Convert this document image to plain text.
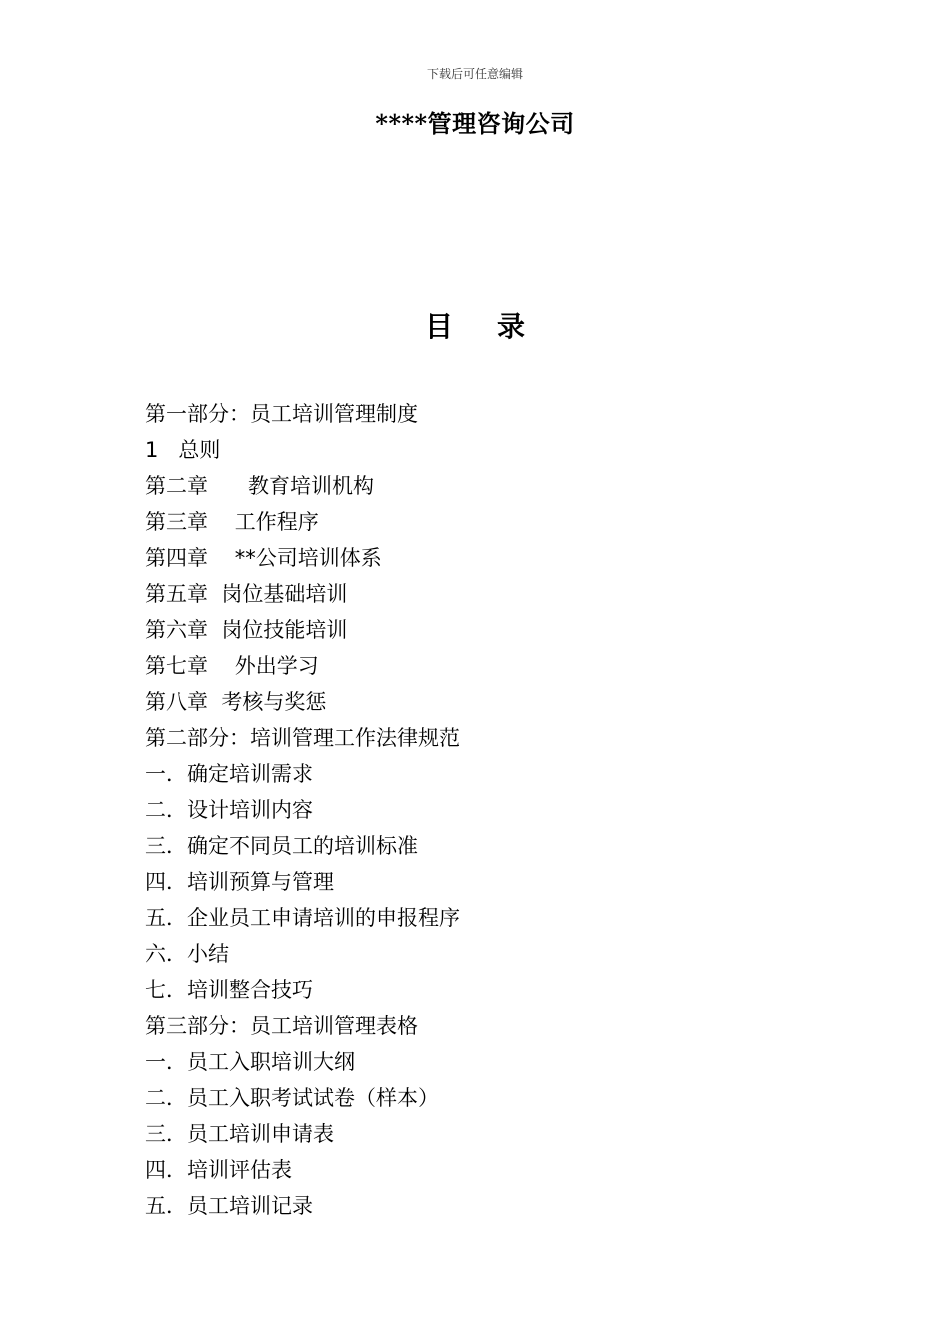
下载后可任意编辑
****管理咨询公司
目 录
第一部分：员工培训管理制度
1   总则
第二章      教育培训机构
第三章    工作程序
第四章    **公司培训体系
第五章  岗位基础培训
第六章  岗位技能培训
第七章    外出学习
第八章  考核与奖惩
第二部分：培训管理工作法律规范
一．确定培训需求
二．设计培训内容
三．确定不同员工的培训标准
四．培训预算与管理
五．企业员工申请培训的申报程序
六．小结
七．培训整合技巧
第三部分：员工培训管理表格
一．员工入职培训大纲
二．员工入职考试试卷（样本）
三．员工培训申请表
四．培训评估表
五．员工培训记录
